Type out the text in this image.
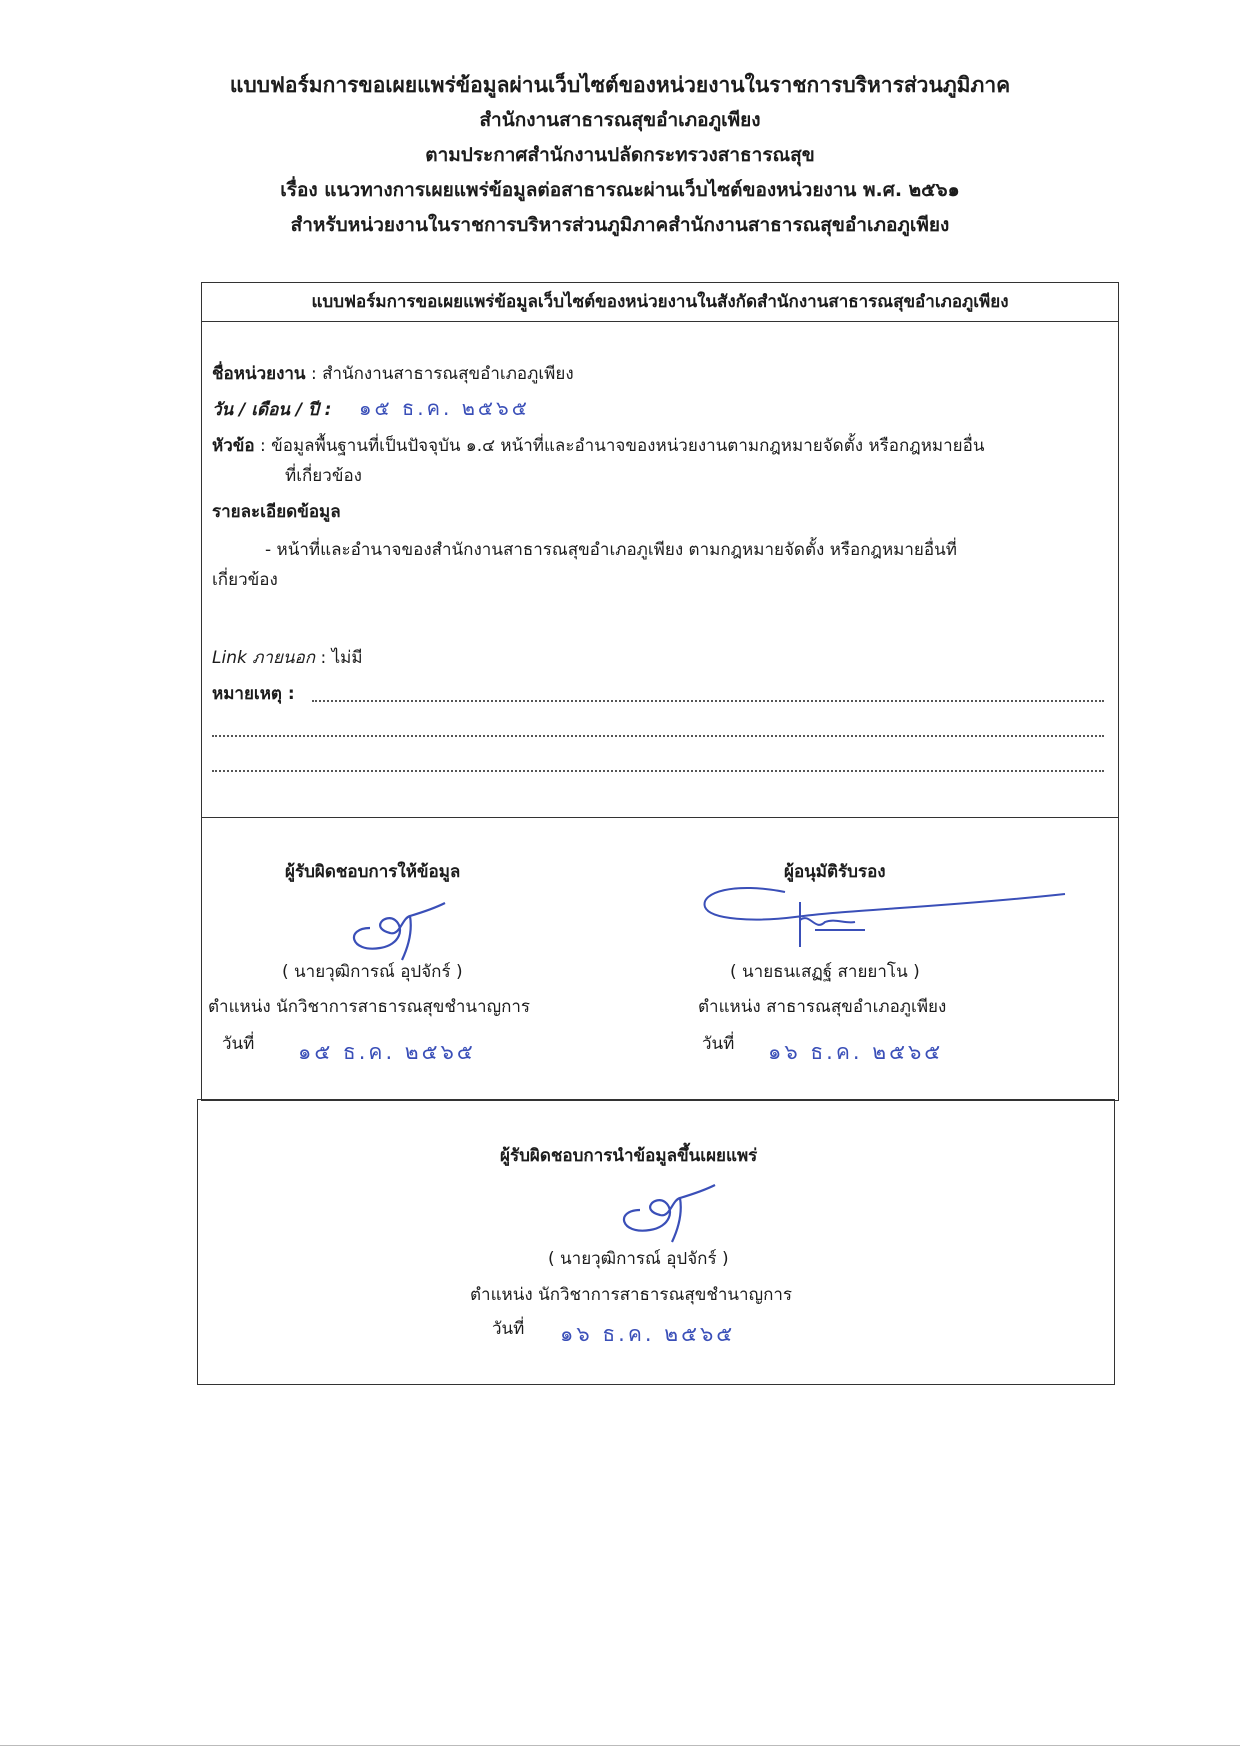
แบบฟอร์มการขอเผยแพร่ข้อมูลผ่านเว็บไซต์ของหน่วยงานในราชการบริหารส่วนภูมิภาค
สำนักงานสาธารณสุขอำเภอภูเพียง
ตามประกาศสำนักงานปลัดกระทรวงสาธารณสุข
เรื่อง แนวทางการเผยแพร่ข้อมูลต่อสาธารณะผ่านเว็บไซต์ของหน่วยงาน พ.ศ. ๒๕๖๑
สำหรับหน่วยงานในราชการบริหารส่วนภูมิภาคสำนักงานสาธารณสุขอำเภอภูเพียง
แบบฟอร์มการขอเผยแพร่ข้อมูลเว็บไซต์ของหน่วยงานในสังกัดสำนักงานสาธารณสุขอำเภอภูเพียง
ชื่อหน่วยงาน : สำนักงานสาธารณสุขอำเภอภูเพียง
วัน / เดือน / ปี : ๑๕ ธ.ค. ๒๕๖๕
หัวข้อ : ข้อมูลพื้นฐานที่เป็นปัจจุบัน ๑.๔ หน้าที่และอำนาจของหน่วยงานตามกฎหมายจัดตั้ง หรือกฎหมายอื่น
ที่เกี่ยวข้อง
รายละเอียดข้อมูล
- หน้าที่และอำนาจของสำนักงานสาธารณสุขอำเภอภูเพียง ตามกฎหมายจัดตั้ง หรือกฎหมายอื่นที่
เกี่ยวข้อง
Link ภายนอก : ไม่มี
หมายเหตุ :
ผู้รับผิดชอบการให้ข้อมูล
( นายวุฒิการณ์ อุปจักร์ )
ตำแหน่ง นักวิชาการสาธารณสุขชำนาญการ
วันที่ ๑๕ ธ.ค. ๒๕๖๕
ผู้อนุมัติรับรอง
( นายธนเสฏฐ์ สายยาโน )
ตำแหน่ง สาธารณสุขอำเภอภูเพียง
วันที่ ๑๖ ธ.ค. ๒๕๖๕
ผู้รับผิดชอบการนำข้อมูลขึ้นเผยแพร่
( นายวุฒิการณ์ อุปจักร์ )
ตำแหน่ง นักวิชาการสาธารณสุขชำนาญการ
วันที่ ๑๖ ธ.ค. ๒๕๖๕
